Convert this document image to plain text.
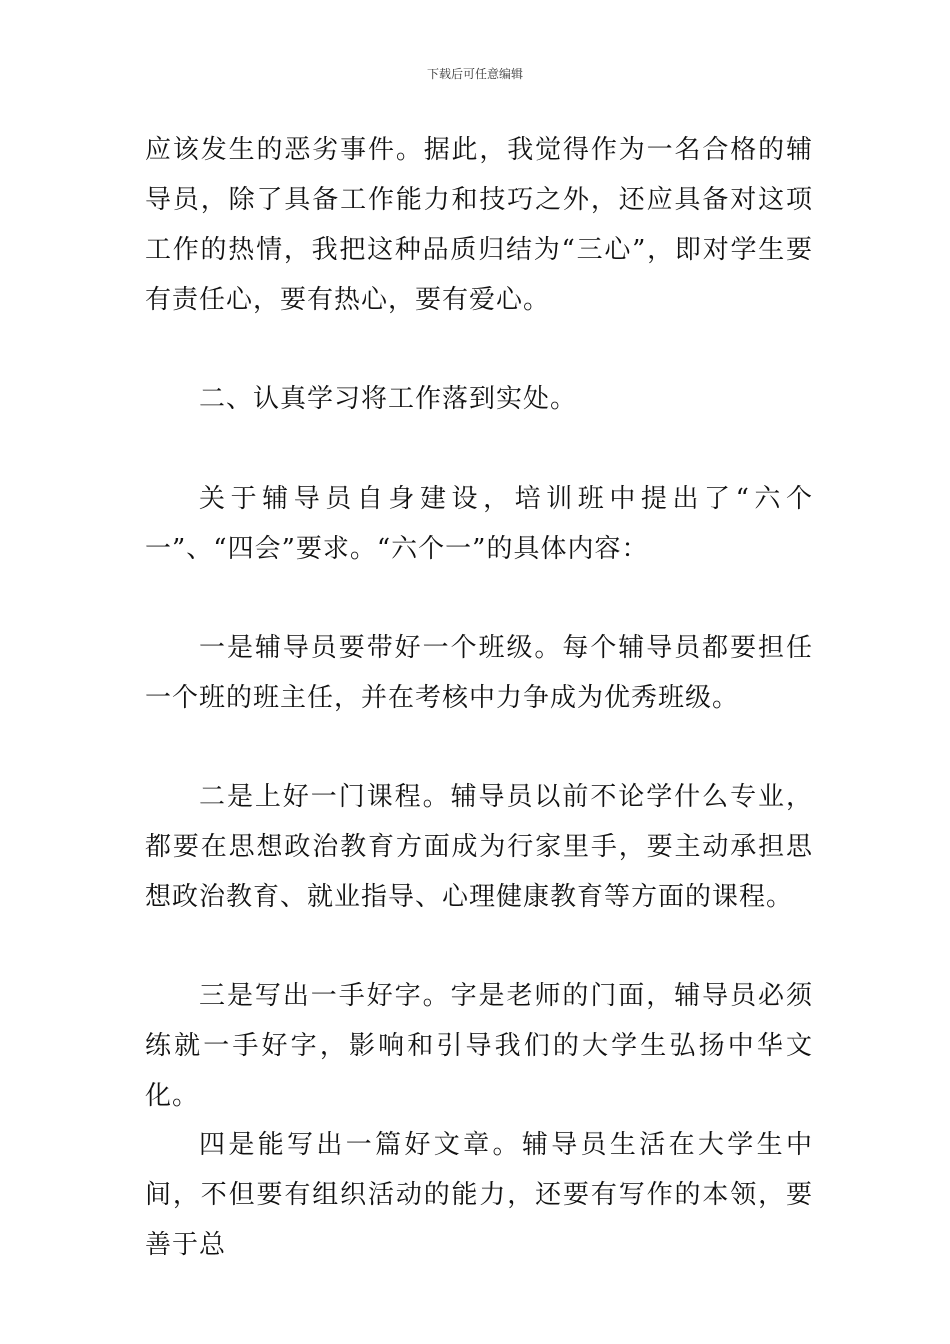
下载后可任意编辑

应该发生的恶劣事件。据此，我觉得作为一名合格的辅导员，除了具备工作能力和技巧之外，还应具备对这项工作的热情，我把这种品质归结为“三心”，即对学生要有责任心，要有热心，要有爱心。

二、认真学习将工作落到实处。

关于辅导员自身建设，培训班中提出了“六个一”、“四会”要求。“六个一”的具体内容：

一是辅导员要带好一个班级。每个辅导员都要担任一个班的班主任，并在考核中力争成为优秀班级。

二是上好一门课程。辅导员以前不论学什么专业，都要在思想政治教育方面成为行家里手，要主动承担思想政治教育、就业指导、心理健康教育等方面的课程。

三是写出一手好字。字是老师的门面，辅导员必须练就一手好字，影响和引导我们的大学生弘扬中华文化。

四是能写出一篇好文章。辅导员生活在大学生中间，不但要有组织活动的能力，还要有写作的本领，要善于总
